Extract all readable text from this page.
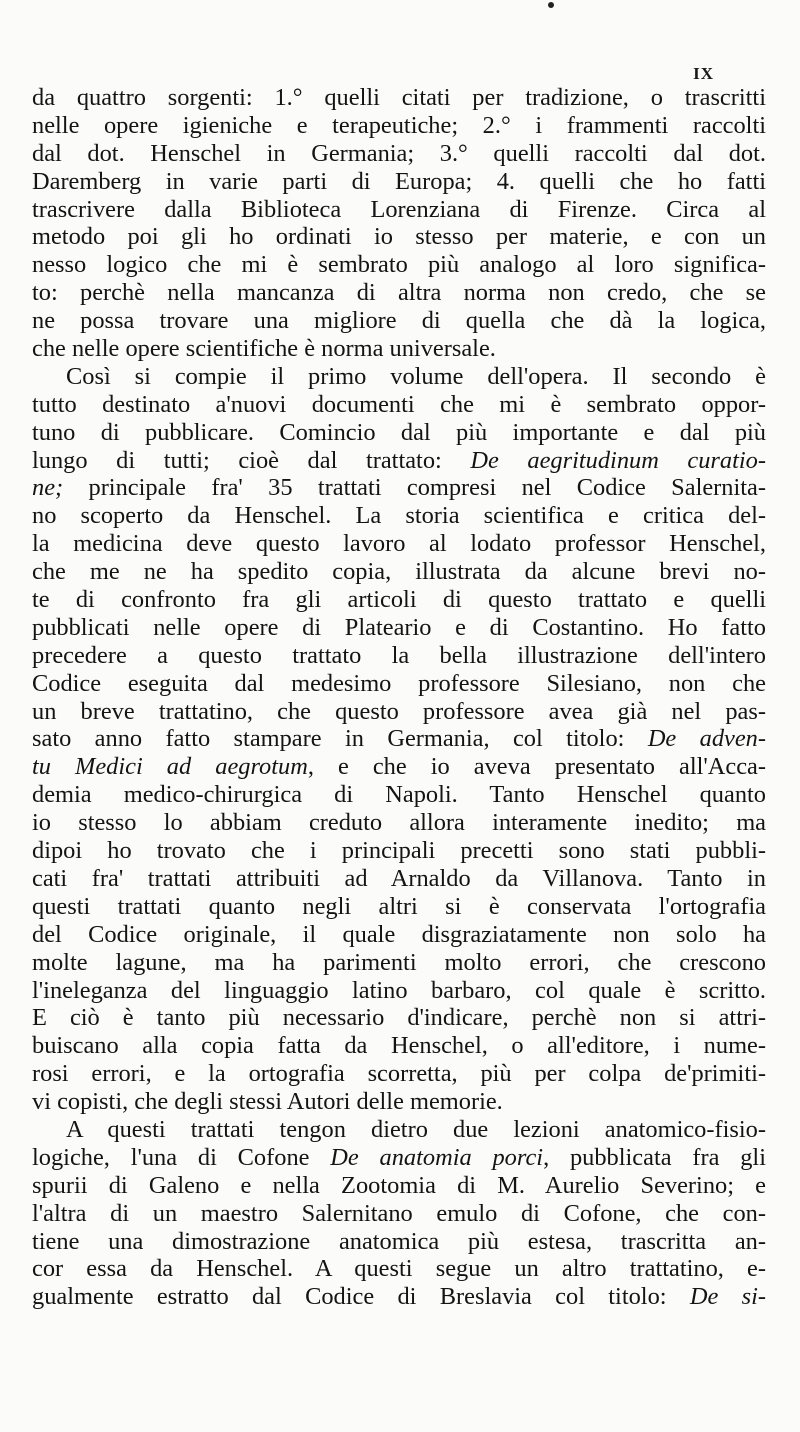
IX
da quattro sorgenti: 1.° quelli citati per tradizione, o trascritti
nelle opere igieniche e terapeutiche; 2.° i frammenti raccolti
dal dot. Henschel in Germania; 3.° quelli raccolti dal dot.
Daremberg in varie parti di Europa; 4. quelli che ho fatti
trascrivere dalla Biblioteca Lorenziana di Firenze. Circa al
metodo poi gli ho ordinati io stesso per materie, e con un
nesso logico che mi è sembrato più analogo al loro significa-
to: perchè nella mancanza di altra norma non credo, che se
ne possa trovare una migliore di quella che dà la logica,
che nelle opere scientifiche è norma universale.
Così si compie il primo volume dell'opera. Il secondo è
tutto destinato a'nuovi documenti che mi è sembrato oppor-
tuno di pubblicare. Comincio dal più importante e dal più
lungo di tutti; cioè dal trattato: De aegritudinum curatio-
ne; principale fra' 35 trattati compresi nel Codice Salernita-
no scoperto da Henschel. La storia scientifica e critica del-
la medicina deve questo lavoro al lodato professor Henschel,
che me ne ha spedito copia, illustrata da alcune brevi no-
te di confronto fra gli articoli di questo trattato e quelli
pubblicati nelle opere di Plateario e di Costantino. Ho fatto
precedere a questo trattato la bella illustrazione dell'intero
Codice eseguita dal medesimo professore Silesiano, non che
un breve trattatino, che questo professore avea già nel pas-
sato anno fatto stampare in Germania, col titolo: De adven-
tu Medici ad aegrotum, e che io aveva presentato all'Acca-
demia medico-chirurgica di Napoli. Tanto Henschel quanto
io stesso lo abbiam creduto allora interamente inedito; ma
dipoi ho trovato che i principali precetti sono stati pubbli-
cati fra' trattati attribuiti ad Arnaldo da Villanova. Tanto in
questi trattati quanto negli altri si è conservata l'ortografia
del Codice originale, il quale disgraziatamente non solo ha
molte lagune, ma ha parimenti molto errori, che crescono
l'ineleganza del linguaggio latino barbaro, col quale è scritto.
E ciò è tanto più necessario d'indicare, perchè non si attri-
buiscano alla copia fatta da Henschel, o all'editore, i nume-
rosi errori, e la ortografia scorretta, più per colpa de'primiti-
vi copisti, che degli stessi Autori delle memorie.
A questi trattati tengon dietro due lezioni anatomico-fisio-
logiche, l'una di Cofone De anatomia porci, pubblicata fra gli
spurii di Galeno e nella Zootomia di M. Aurelio Severino; e
l'altra di un maestro Salernitano emulo di Cofone, che con-
tiene una dimostrazione anatomica più estesa, trascritta an-
cor essa da Henschel. A questi segue un altro trattatino, e-
gualmente estratto dal Codice di Breslavia col titolo: De si-
